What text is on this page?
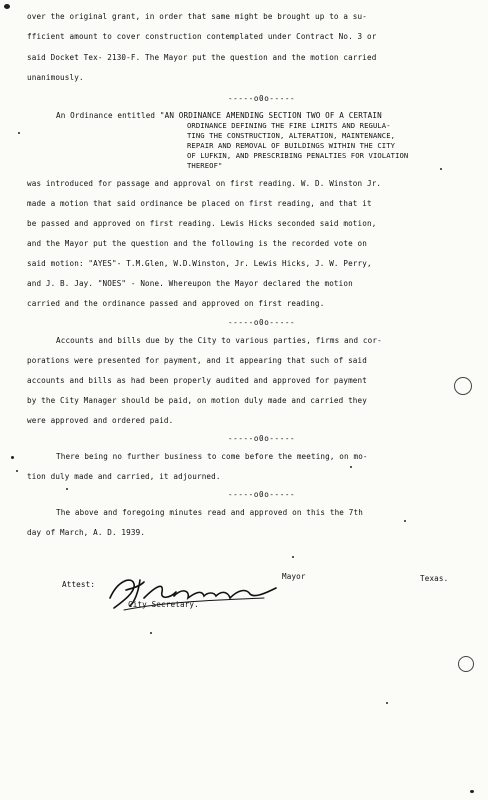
over the original grant, in order that same might be brought up to a su-
fficient amount to cover construction contemplated under Contract No. 3 or
said Docket Tex- 2130-F. The Mayor put the question and the motion carried
unanimously.
-----o0o-----
An Ordinance entitled "AN ORDINANCE AMENDING SECTION TWO OF A CERTAIN
ORDINANCE DEFINING THE FIRE LIMITS AND REGULA-
TING THE CONSTRUCTION, ALTERATION, MAINTENANCE,
REPAIR AND REMOVAL OF BUILDINGS WITHIN THE CITY
OF LUFKIN, AND PRESCRIBING PENALTIES FOR VIOLATION
THEREOF"
was introduced for passage and approval on first reading. W. D. Winston Jr.
made a motion that said ordinance be placed on first reading, and that it
be passed and approved on first reading. Lewis Hicks seconded said motion,
and the Mayor put the question and the following is the recorded vote on
said motion: "AYES"- T.M.Glen, W.D.Winston, Jr. Lewis Hicks, J. W. Perry,
and J. B. Jay. "NOES" - None. Whereupon the Mayor declared the motion
carried and the ordinance passed and approved on first reading.
-----o0o-----
Accounts and bills due by the City to various parties, firms and cor-
porations were presented for payment, and it appearing that such of said
accounts and bills as had been properly audited and approved for payment
by the City Manager should be paid, on motion duly made and carried they
were approved and ordered paid.
-----o0o-----
There being no further business to come before the meeting, on mo-
tion duly made and carried, it adjourned.
-----o0o-----
The above and foregoing minutes read and approved on this the 7th
day of March, A. D. 1939.
Mayor	Texas.
Attest:
City Secretary.
